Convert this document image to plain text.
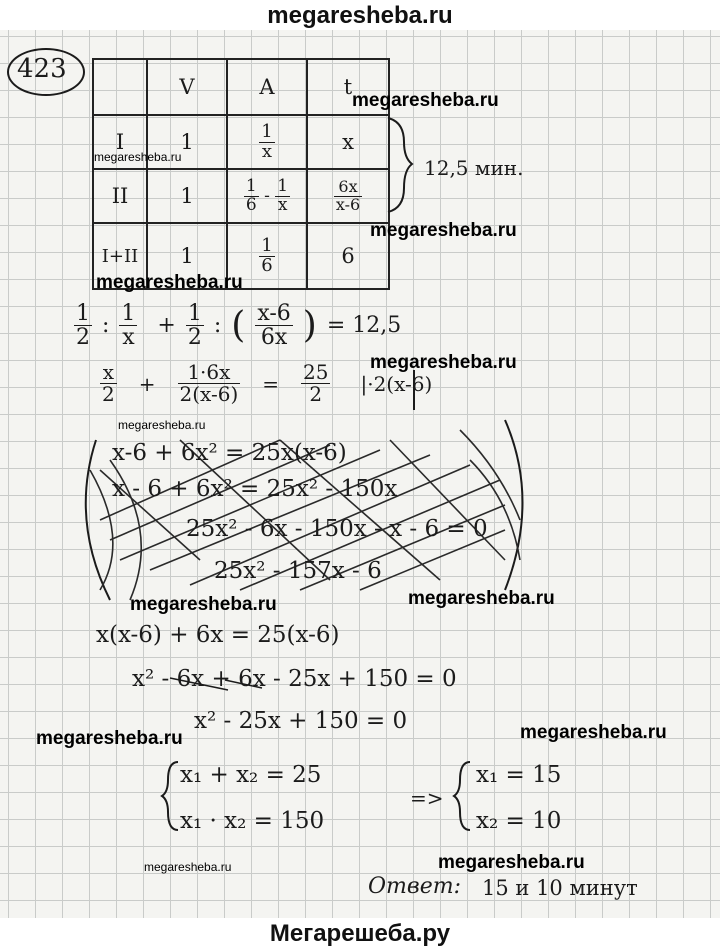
megaresheba.ru
423
	V	A	t
I	1	$\frac{1}{x}$	x
II	1	$\frac{1}{6} - \frac{1}{x}$	$\frac{6x}{x-6}$

I+II	1	$\frac{1}{6}$	6
12,5 мин.
$\frac{1}{2}$ : $\frac{1}{x} + \frac{1}{2}$ : ( $\frac{x-6}{6x}$ ) = 12,5
$\frac{x}{2} + \frac{1\cdot 6x}{2(x-6)} = \frac{25}{2} |\cdot 2(x-6)$
x-6 + 6x² = 25x(x-6)
x - 6 + 6x² = 25x² - 150x
25x² - 6x - 150x - x - 6 = 0
25x² - 157x - 6
x(x-6) + 6x = 25(x-6)
x² - 6x + 6x - 25x + 150 = 0
x² - 25x + 150 = 0
x₁ + x₂ = 25
x₁ · x₂ = 150
=>
x₁ = 15
x₂ = 10
Ответ: 15 и 10 минут
megaresheba.ru
megaresheba.ru
megaresheba.ru
megaresheba.ru
megaresheba.ru
megaresheba.ru
megaresheba.ru	megaresheba.ru
megaresheba.ru	megaresheba.ru
megaresheba.ru	megaresheba.ru
Мегарешеба.ру
